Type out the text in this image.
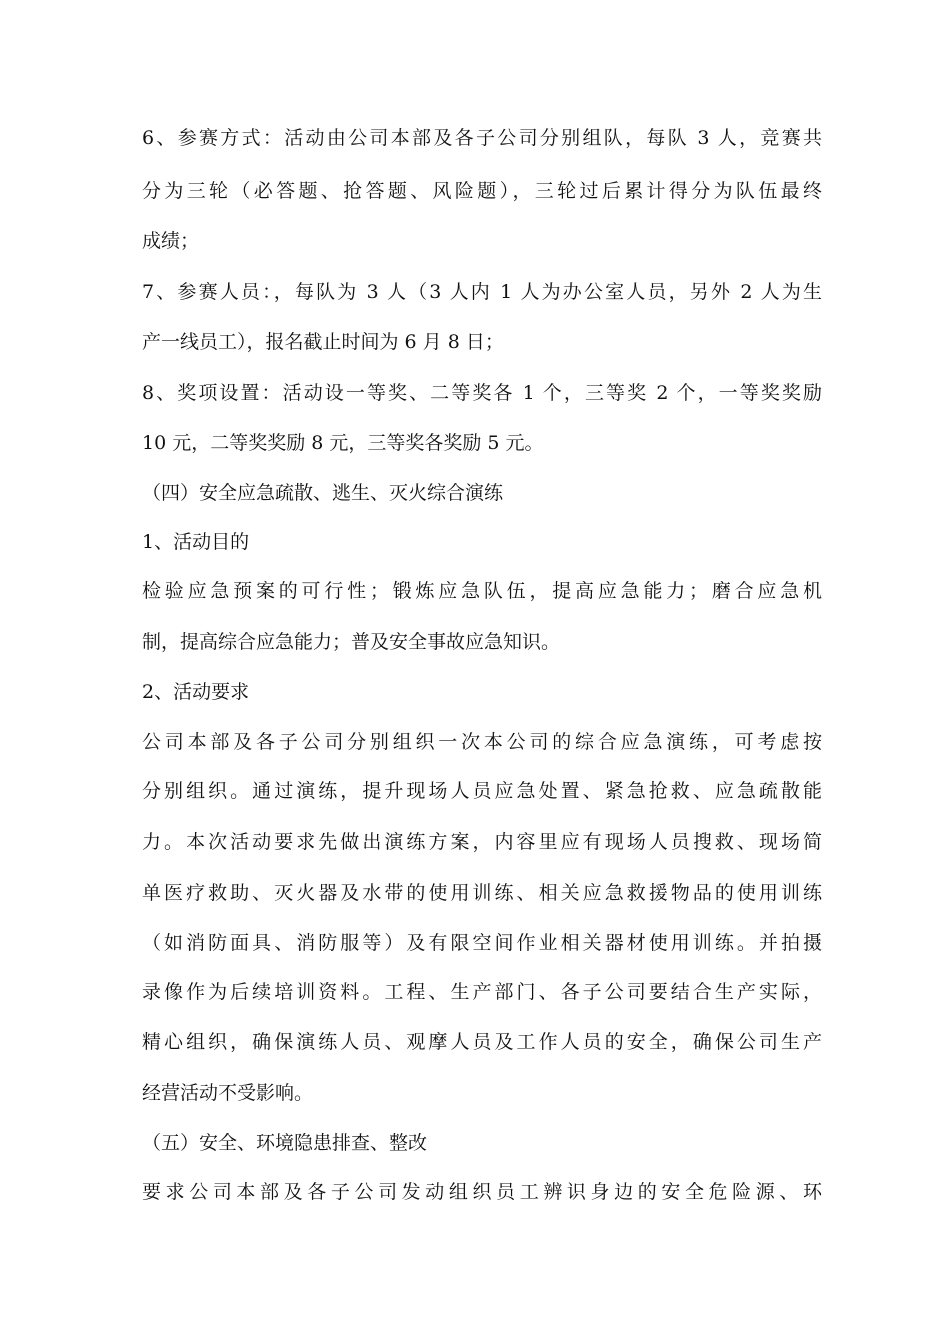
6、参赛方式：活动由公司本部及各子公司分别组队，每队 3 人，竞赛共
分为三轮（必答题、抢答题、风险题），三轮过后累计得分为队伍最终
成绩；
7、参赛人员：，每队为 3 人（3 人内 1 人为办公室人员，另外 2 人为生
产一线员工），报名截止时间为 6 月 8 日；
8、奖项设置：活动设一等奖、二等奖各 1 个，三等奖 2 个，一等奖奖励
10 元，二等奖奖励 8 元，三等奖各奖励 5 元。
（四）安全应急疏散、逃生、灭火综合演练
1、活动目的
检验应急预案的可行性；锻炼应急队伍，提高应急能力；磨合应急机
制，提高综合应急能力；普及安全事故应急知识。
2、活动要求
公司本部及各子公司分别组织一次本公司的综合应急演练，可考虑按
分别组织。通过演练，提升现场人员应急处置、紧急抢救、应急疏散能
力。本次活动要求先做出演练方案，内容里应有现场人员搜救、现场简
单医疗救助、灭火器及水带的使用训练、相关应急救援物品的使用训练
（如消防面具、消防服等）及有限空间作业相关器材使用训练。并拍摄
录像作为后续培训资料。工程、生产部门、各子公司要结合生产实际，
精心组织，确保演练人员、观摩人员及工作人员的安全，确保公司生产
经营活动不受影响。
（五）安全、环境隐患排查、整改
要求公司本部及各子公司发动组织员工辨识身边的安全危险源、环
